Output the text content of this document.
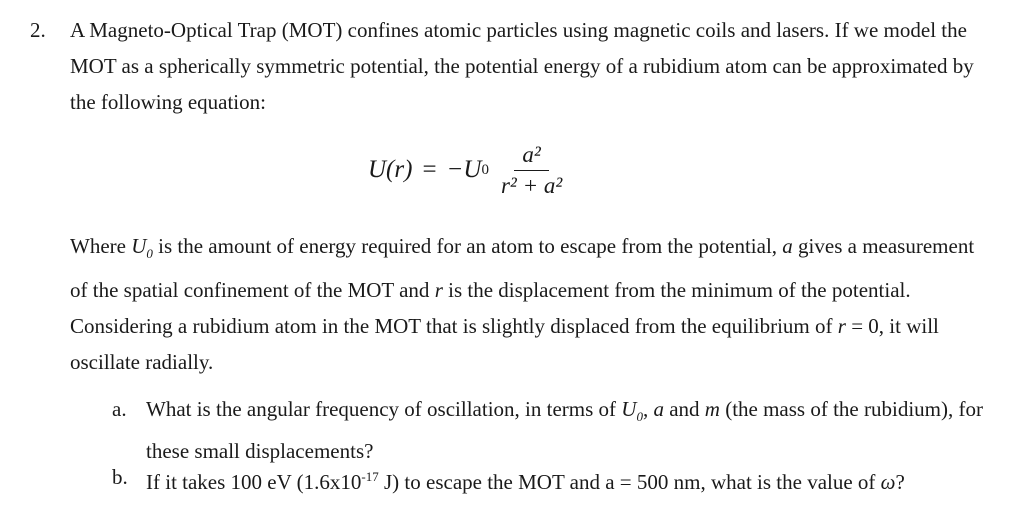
2. A Magneto-Optical Trap (MOT) confines atomic particles using magnetic coils and lasers. If we model the MOT as a spherically symmetric potential, the potential energy of a rubidium atom can be approximated by the following equation:
U(r) = −U $0 \frac{\text{a²}}{\text{r² + a²}}$
Where $U_0$ is the amount of energy required for an atom to escape from the potential, a gives a measurement of the spatial confinement of the MOT and r is the displacement from the minimum of the potential. Considering a rubidium atom in the MOT that is slightly displaced from the equilibrium of r = 0, it will oscillate radially.
a. What is the angular frequency of oscillation, in terms of $U_0$, a and m (the mass of the rubidium), for these small displacements?
b. If it takes 100 eV ($1.6x10^{-17}$ J) to escape the MOT and a = 500 nm, what is the value of ω?
